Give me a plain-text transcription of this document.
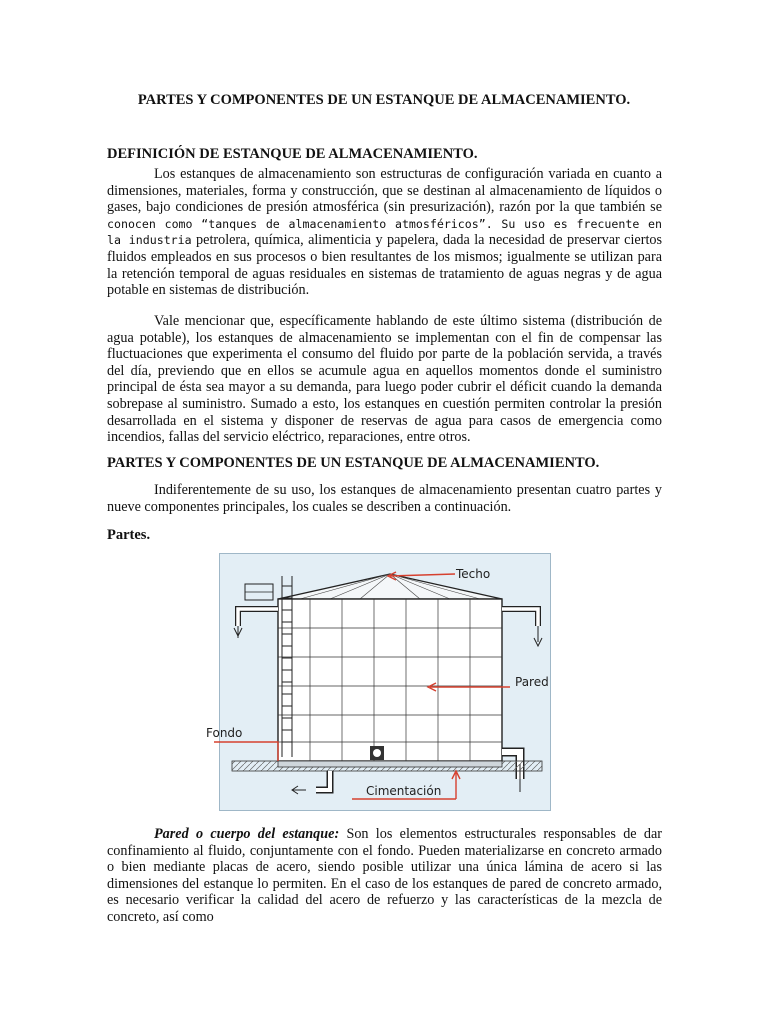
PARTES Y COMPONENTES DE UN ESTANQUE DE ALMACENAMIENTO.
DEFINICIÓN DE ESTANQUE DE ALMACENAMIENTO.

Los estanques de almacenamiento son estructuras de configuración variada en cuanto a dimensiones, materiales, forma y construcción, que se destinan al almacenamiento de líquidos o gases, bajo condiciones de presión atmosférica (sin presurización), razón por la que también se conocen como “tanques de almacenamiento atmosféricos”. Su uso es frecuente en la industria petrolera, química, alimenticia y papelera, dada la necesidad de preservar ciertos fluidos empleados en sus procesos o bien resultantes de los mismos; igualmente se utilizan para la retención temporal de aguas residuales en sistemas de tratamiento de aguas negras y de agua potable en sistemas de distribución.

Vale mencionar que, específicamente hablando de este último sistema (distribución de agua potable), los estanques de almacenamiento se implementan con el fin de compensar las fluctuaciones que experimenta el consumo del fluido por parte de la población servida, a través del día, previendo que en ellos se acumule agua en aquellos momentos donde el suministro principal de ésta sea mayor a su demanda, para luego poder cubrir el déficit cuando la demanda sobrepase al suministro. Sumado a esto, los estanques en cuestión permiten controlar la presión desarrollada en el sistema y disponer de reservas de agua para casos de emergencia como incendios, fallas del servicio eléctrico, reparaciones, entre otros.

PARTES Y COMPONENTES DE UN ESTANQUE DE ALMACENAMIENTO.

Indiferentemente de su uso, los estanques de almacenamiento presentan cuatro partes y nueve componentes principales, los cuales se describen a continuación.

Partes.
Techo
Pared
Fondo
Cimentación

Pared o cuerpo del estanque: Son los elementos estructurales responsables de dar confinamiento al fluido, conjuntamente con el fondo. Pueden materializarse en concreto armado o bien mediante placas de acero, siendo posible utilizar una única lámina de acero si las dimensiones del estanque lo permiten. En el caso de los estanques de pared de concreto armado, es necesario verificar la calidad del acero de refuerzo y las características de la mezcla de concreto, así como
